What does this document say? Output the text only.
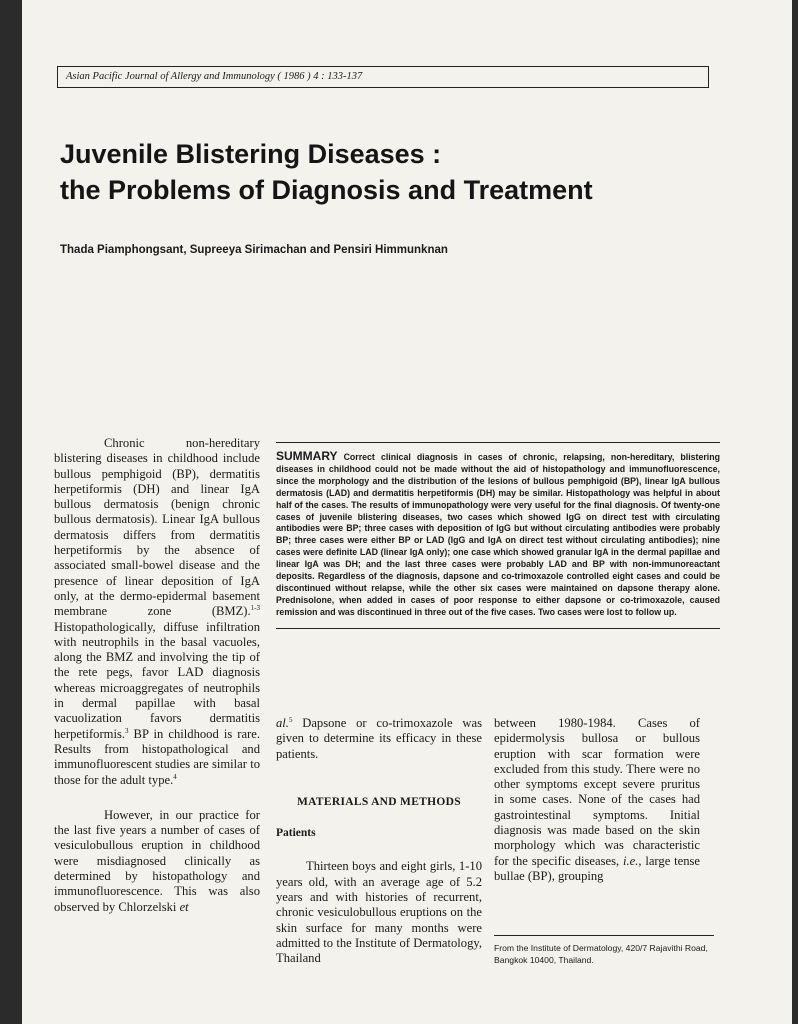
Asian Pacific Journal of Allergy and Immunology ( 1986 ) 4 : 133-137
Juvenile Blistering Diseases :
the Problems of Diagnosis and Treatment
Thada Piamphongsant, Supreeya Sirimachan and Pensiri Himmunknan

Chronic non-hereditary blistering diseases in childhood include bullous pemphigoid (BP), dermatitis herpetiformis (DH) and linear IgA bullous dermatosis (benign chronic bullous dermatosis). Linear IgA bullous dermatosis differs from dermatitis herpetiformis by the absence of associated small-bowel disease and the presence of linear deposition of IgA only, at the dermo-epidermal basement membrane zone (BMZ).$^{1-3}$ Histopathologically, diffuse infiltration with neutrophils in the basal vacuoles, along the BMZ and involving the tip of the rete pegs, favor LAD diagnosis whereas microaggregates of neutrophils in dermal papillae with basal vacuolization favors dermatitis herpetiformis.$^3$ BP in childhood is rare. Results from histopathological and immunofluorescent studies are similar to those for the adult type.$^4$

However, in our practice for the last five years a number of cases of vesiculobullous eruption in childhood were misdiagnosed clinically as determined by histopathology and immunofluorescence. This was also observed by Chlorzelski et

SUMMARY Correct clinical diagnosis in cases of chronic, relapsing, non-hereditary, blistering diseases in childhood could not be made without the aid of histopathology and immunofluorescence, since the morphology and the distribution of the lesions of bullous pemphigoid (BP), linear IgA bullous dermatosis (LAD) and dermatitis herpetiformis (DH) may be similar. Histopathology was helpful in about half of the cases. The results of immunopathology were very useful for the final diagnosis. Of twenty-one cases of juvenile blistering diseases, two cases which showed IgG on direct test with circulating antibodies were BP; three cases with deposition of IgG but without circulating antibodies were probably BP; three cases were either BP or LAD (IgG and IgA on direct test without circulating antibodies); nine cases were definite LAD (linear IgA only); one case which showed granular IgA in the dermal papillae and linear IgA was DH; and the last three cases were probably LAD and BP with non-immunoreactant deposits. Regardless of the diagnosis, dapsone and co-trimoxazole controlled eight cases and could be discontinued without relapse, while the other six cases were maintained on dapsone therapy alone. Prednisolone, when added in cases of poor response to either dapsone or co-trimoxazole, caused remission and was discontinued in three out of the five cases. Two cases were lost to follow up.

al.$^5$ Dapsone or co-trimoxazole was given to determine its efficacy in these patients.

MATERIALS AND METHODS

Patients

Thirteen boys and eight girls, 1-10 years old, with an average age of 5.2 years and with histories of recurrent, chronic vesiculobullous eruptions on the skin surface for many months were admitted to the Institute of Dermatology, Thailand

between 1980-1984. Cases of epidermolysis bullosa or bullous eruption with scar formation were excluded from this study. There were no other symptoms except severe pruritus in some cases. None of the cases had gastrointestinal symptoms. Initial diagnosis was made based on the skin morphology which was characteristic for the specific diseases, i.e., large tense bullae (BP), grouping

From the Institute of Dermatology, 420/7 Rajavithi Road, Bangkok 10400, Thailand.
